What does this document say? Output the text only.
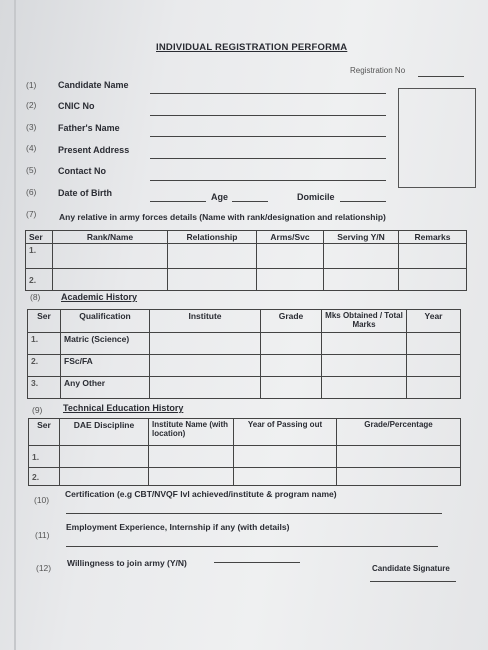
INDIVIDUAL REGISTRATION PERFORMA
Registration No
(1) Candidate Name
(2) CNIC No
(3) Father's Name
(4) Present Address
(5) Contact No
(6) Date of Birth	Age	Domicile
(7)	Any relative in army forces details (Name with rank/designation and relationship)
Ser	Rank/Name	Relationship	Arms/Svc	Serving Y/N	Remarks
1.					
2.					
(8) Academic History
Ser	Qualification	Institute	Grade	Mks Obtained / Total Marks	Year
1.	Matric (Science)				
2.	FSc/FA				
3.	Any Other				
(9) Technical Education History
Ser	DAE Discipline	Institute Name (with location)	Year of Passing out	Grade/Percentage
1.				
2.				
(10)
Certification (e.g CBT/NVQF lvl achieved/institute & program name)
(11)
Employment Experience, Internship if any (with details)
(12) Willingness to join army (Y/N)
Candidate Signature
